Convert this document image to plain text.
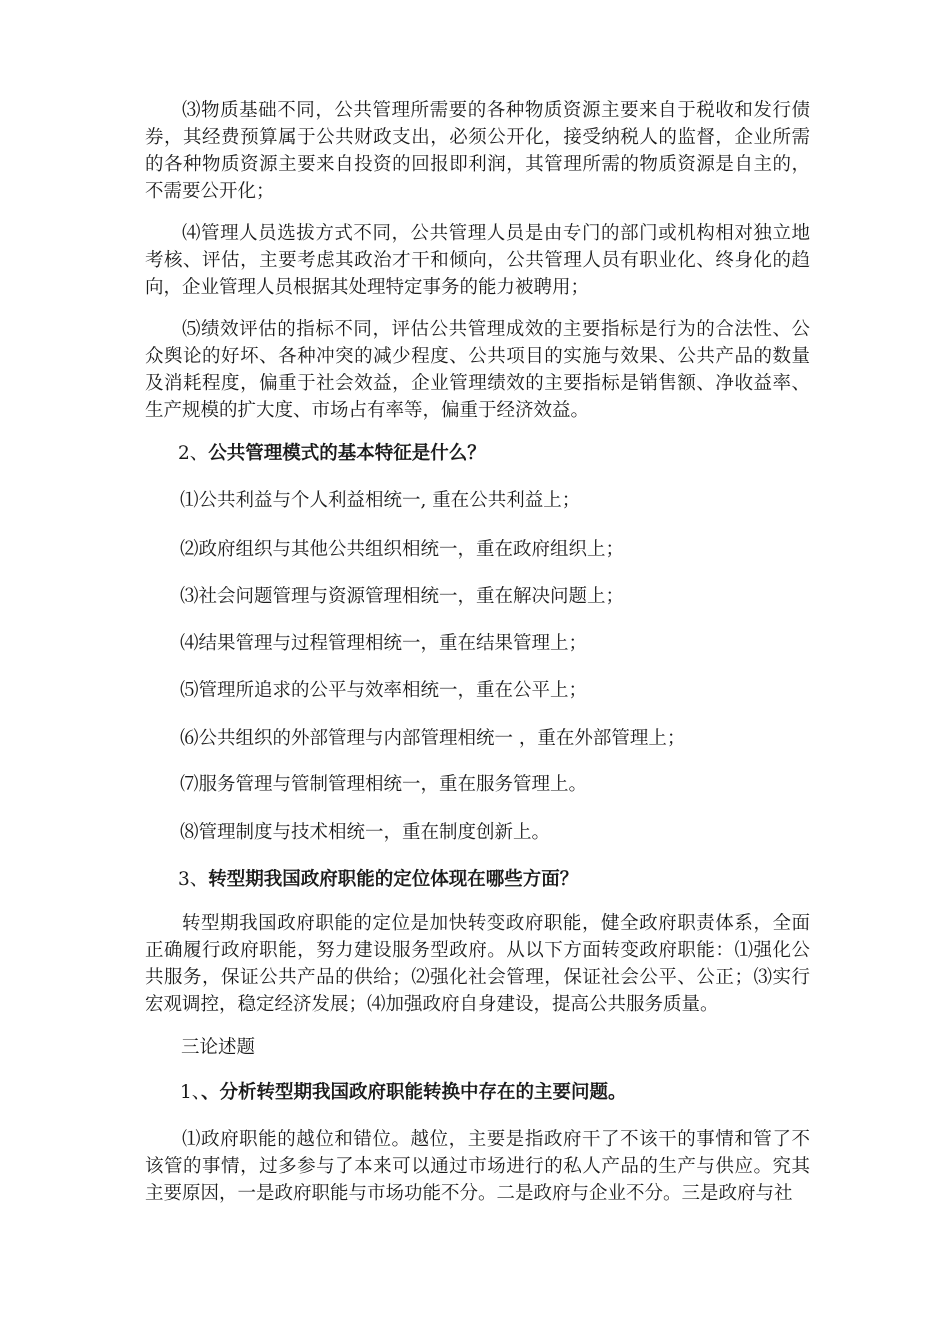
⑶物质基础不同，公共管理所需要的各种物质资源主要来自于税收和发行债券，其经费预算属于公共财政支出，必须公开化，接受纳税人的监督，企业所需的各种物质资源主要来自投资的回报即利润，其管理所需的物质资源是自主的，不需要公开化；

⑷管理人员选拔方式不同，公共管理人员是由专门的部门或机构相对独立地考核、评估，主要考虑其政治才干和倾向，公共管理人员有职业化、终身化的趋向，企业管理人员根据其处理特定事务的能力被聘用；

⑸绩效评估的指标不同，评估公共管理成效的主要指标是行为的合法性、公众舆论的好坏、各种冲突的减少程度、公共项目的实施与效果、公共产品的数量及消耗程度，偏重于社会效益，企业管理绩效的主要指标是销售额、净收益率、生产规模的扩大度、市场占有率等，偏重于经济效益。

2、公共管理模式的基本特征是什么？

⑴公共利益与个人利益相统一, 重在公共利益上；

⑵政府组织与其他公共组织相统一，重在政府组织上；

⑶社会问题管理与资源管理相统一，重在解决问题上；

⑷结果管理与过程管理相统一，重在结果管理上；

⑸管理所追求的公平与效率相统一，重在公平上；

⑹公共组织的外部管理与内部管理相统一 ，重在外部管理上；

⑺服务管理与管制管理相统一，重在服务管理上。

⑻管理制度与技术相统一，重在制度创新上。

3、转型期我国政府职能的定位体现在哪些方面？

转型期我国政府职能的定位是加快转变政府职能，健全政府职责体系，全面正确履行政府职能，努力建设服务型政府。从以下方面转变政府职能：⑴强化公共服务，保证公共产品的供给；⑵强化社会管理，保证社会公平、公正；⑶实行宏观调控，稳定经济发展；⑷加强政府自身建设，提高公共服务质量。

三论述题

1、、分析转型期我国政府职能转换中存在的主要问题。

⑴政府职能的越位和错位。越位，主要是指政府干了不该干的事情和管了不该管的事情，过多参与了本来可以通过市场进行的私人产品的生产与供应。究其主要原因，一是政府职能与市场功能不分。二是政府与企业不分。三是政府与社
